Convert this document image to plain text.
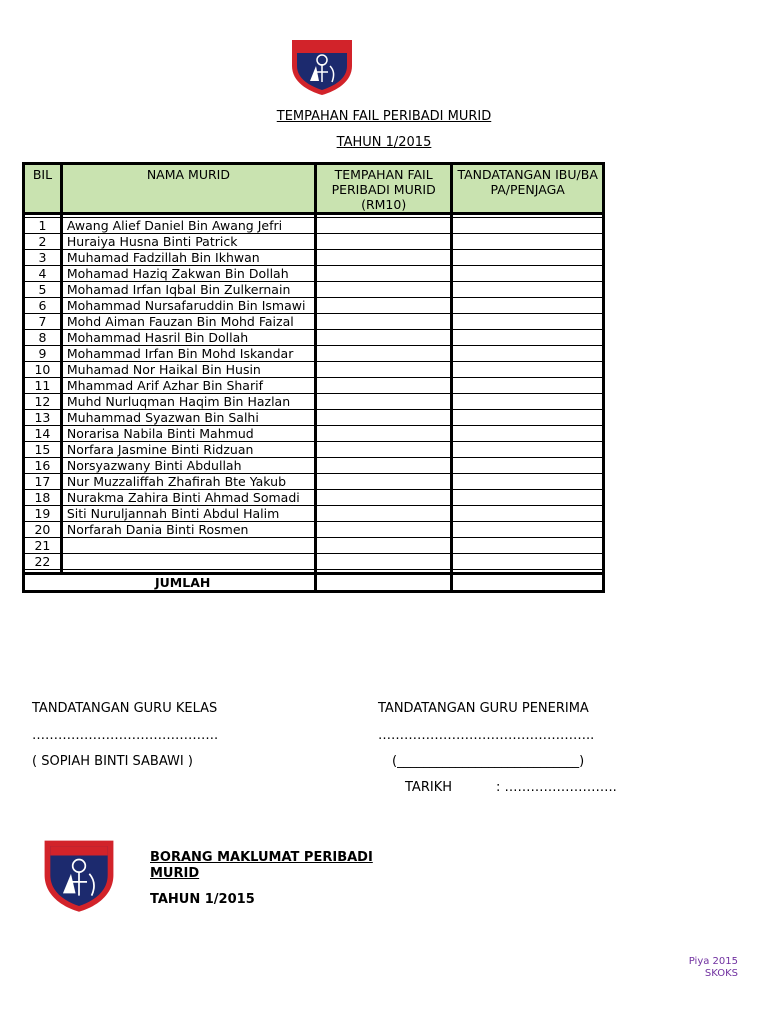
TEMPAHAN FAIL PERIBADI MURID
TAHUN 1/2015
BIL	NAMA MURID	TEMPAHAN FAIL PERIBADI MURID (RM10)	TANDATANGAN IBU/BAPA/PENJAGA

1	Awang Alief Daniel Bin Awang Jefri		
2	Huraiya Husna Binti Patrick		
3	Muhamad Fadzillah Bin Ikhwan		
4	Mohamad Haziq Zakwan Bin Dollah		
5	Mohamad Irfan Iqbal Bin Zulkernain		
6	Mohammad Nursafaruddin Bin Ismawi		
7	Mohd Aiman Fauzan Bin Mohd Faizal		
8	Mohammad Hasril Bin Dollah		
9	Mohammad Irfan Bin Mohd Iskandar		
10	Muhamad Nor Haikal Bin Husin		
11	Mhammad Arif Azhar Bin Sharif		
12	Muhd Nurluqman Haqim Bin Hazlan		
13	Muhammad Syazwan Bin Salhi		
14	Norarisa Nabila Binti Mahmud		
15	Norfara Jasmine Binti Ridzuan		
16	Norsyazwany Binti Abdullah		
17	Nur Muzzaliffah Zhafirah Bte Yakub		
18	Nurakma Zahira Binti Ahmad Somadi		
19	Siti Nuruljannah Binti Abdul Halim		
20	Norfarah Dania Binti Rosmen		
21			
22			

JUMLAH			
TANDATANGAN GURU KELAS
…………………………………….
( SOPIAH BINTI SABAWI )
TANDATANGAN GURU PENERIMA
…………………………………………..
(____________________________)
TARIKH	: ……………………..
BORANG MAKLUMAT PERIBADI MURID
TAHUN 1/2015
Piya 2015
SKOKS
